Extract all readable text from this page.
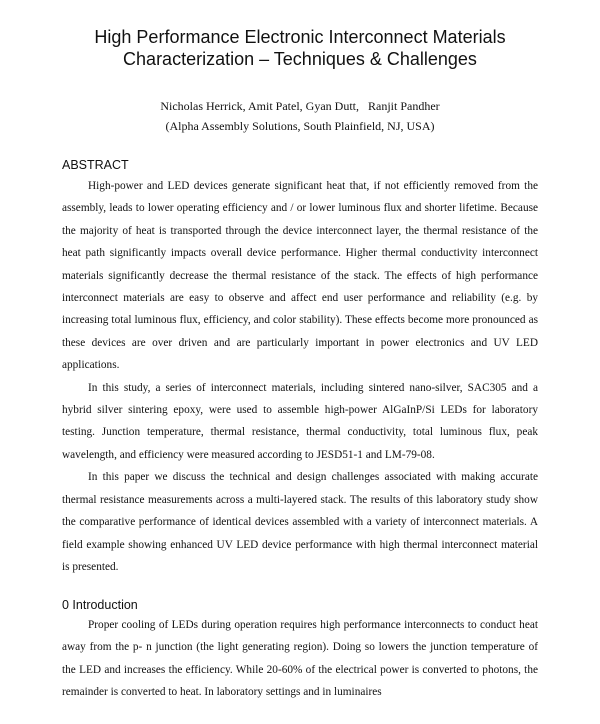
High Performance Electronic Interconnect Materials
Characterization – Techniques & Challenges
Nicholas Herrick, Amit Patel, Gyan Dutt,   Ranjit Pandher
(Alpha Assembly Solutions, South Plainfield, NJ, USA)
ABSTRACT

High-power and LED devices generate significant heat that, if not efficiently removed from the assembly, leads to lower operating efficiency and / or lower luminous flux and shorter lifetime. Because the majority of heat is transported through the device interconnect layer, the thermal resistance of the heat path significantly impacts overall device performance. Higher thermal conductivity interconnect materials significantly decrease the thermal resistance of the stack. The effects of high performance interconnect materials are easy to observe and affect end user performance and reliability (e.g. by increasing total luminous flux, efficiency, and color stability). These effects become more pronounced as these devices are over driven and are particularly important in power electronics and UV LED applications.

In this study, a series of interconnect materials, including sintered nano-silver, SAC305 and a hybrid silver sintering epoxy, were used to assemble high-power AlGaInP/Si LEDs for laboratory testing. Junction temperature, thermal resistance, thermal conductivity, total luminous flux, peak wavelength, and efficiency were measured according to JESD51-1 and LM-79-08.

In this paper we discuss the technical and design challenges associated with making accurate thermal resistance measurements across a multi-layered stack. The results of this laboratory study show the comparative performance of identical devices assembled with a variety of interconnect materials. A field example showing enhanced UV LED device performance with high thermal interconnect material is presented.

0 Introduction

Proper cooling of LEDs during operation requires high performance interconnects to conduct heat away from the p- n junction (the light generating region). Doing so lowers the junction temperature of the LED and increases the efficiency. While 20-60% of the electrical power is converted to photons, the remainder is converted to heat. In laboratory settings and in luminaires
